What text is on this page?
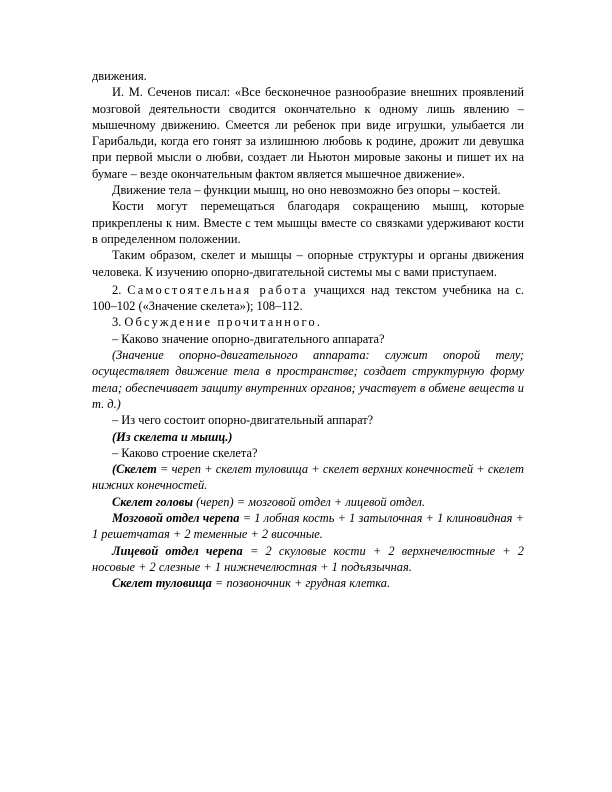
движения.

И. М. Сеченов писал: «Все бесконечное разнообразие внешних проявлений мозговой деятельности сводится окончательно к одному лишь явлению – мышечному движению. Смеется ли ребенок при виде игрушки, улыбается ли Гарибальди, когда его гонят за излишнюю любовь к родине, дрожит ли девушка при первой мысли о любви, создает ли Ньютон мировые законы и пишет их на бумаге – везде окончательным фактом является мышечное движение».

Движение тела – функции мышц, но оно невозможно без опоры – костей.

Кости могут перемещаться благодаря сокращению мышц, которые прикреплены к ним. Вместе с тем мышцы вместе со связками удерживают кости в определенном положении.

Таким образом, скелет и мышцы – опорные структуры и органы движения человека. К изучению опорно-двигательной системы мы с вами приступаем.

2. Самостоятельная работа учащихся над текстом учебника на с. 100–102 («Значение скелета»); 108–112.

3. Обсуждение прочитанного.

– Каково значение опорно-двигательного аппарата?

(Значение опорно-двигательного аппарата: служит опорой телу; осуществляет движение тела в пространстве; создает структурную форму тела; обеспечивает защиту внутренних органов; участвует в обмене веществ и т. д.)

– Из чего состоит опорно-двигательный аппарат?

(Из скелета и мышц.)

– Каково строение скелета?

(Скелет = череп + скелет туловища + скелет верхних конечностей + скелет нижних конечностей.

Скелет головы (череп) = мозговой отдел + лицевой отдел.

Мозговой отдел черепа = 1 лобная кость + 1 затылочная + 1 клиновидная + 1 решетчатая + 2 теменные + 2 височные.

Лицевой отдел черепа = 2 скуловые кости + 2 верхнечелюстные + 2 носовые + 2 слезные + 1 нижнечелюстная + 1 подъязычная.

Скелет туловища = позвоночник + грудная клетка.
